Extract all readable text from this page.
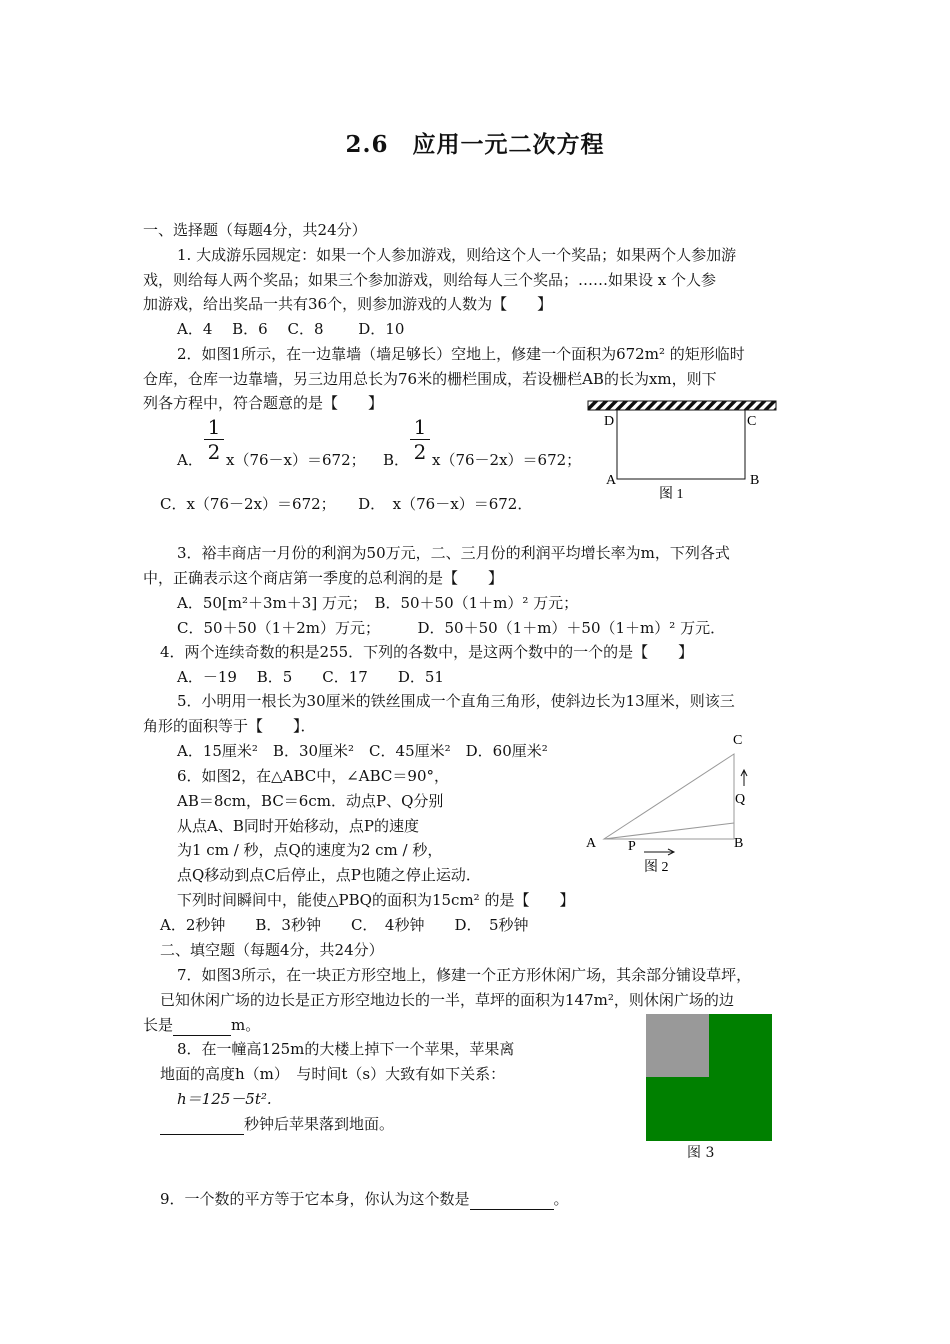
2.6　应用一元二次方程
一、选择题（每题4分，共24分）
1. 大成游乐园规定：如果一个人参加游戏，则给这个人一个奖品；如果两个人参加游
戏，则给每人两个奖品；如果三个参加游戏，则给每人三个奖品；……如果设 x 个人参
加游戏，给出奖品一共有36个，则参加游戏的人数为【　　】
A．4　 B．6　 C．8　　 D．10
2．如图1所示，在一边靠墙（墙足够长）空地上，修建一个面积为672m² 的矩形临时
仓库，仓库一边靠墙，另三边用总长为76米的栅栏围成，若设栅栏AB的长为xm，则下
列各方程中，符合题意的是【　　】
A．
1
2 x（76－x）＝672； B．
1
2 x（76－2x）＝672；
C．x（76－2x）＝672；　　D．　x（76－x）＝672．
D	C
A	B
图 1
3．裕丰商店一月份的利润为50万元，二、三月份的利润平均增长率为m，下列各式
中，正确表示这个商店第一季度的总利润的是【　　】
A．50[m²＋3m＋3] 万元；　B．50＋50（1＋m）² 万元；
C．50＋50（1＋2m）万元；　　　D．50＋50（1＋m）＋50（1＋m）² 万元．
4．两个连续奇数的积是255．下列的各数中，是这两个数中的一个的是【　　】
A．－19　 B．5　　C．17　　D．51
5．小明用一根长为30厘米的铁丝围成一个直角三角形，使斜边长为13厘米，则该三
角形的面积等于【　　】．
A．15厘米²　B．30厘米²　C．45厘米²　D．60厘米²
6．如图2，在△ABC中，∠ABC＝90°，
AB＝8cm，BC＝6cm．动点P、Q分别
从点A、B同时开始移动，点P的速度
为1 cm / 秒，点Q的速度为2 cm / 秒，
点Q移动到点C后停止，点P也随之停止运动．
下列时间瞬间中，能使△PBQ的面积为15cm² 的是【　　】
A．2秒钟　　B．3秒钟　　C．　4秒钟　　D．　5秒钟
C
Q
A P	B
图 2
二、填空题（每题4分，共24分）
7．如图3所示，在一块正方形空地上，修建一个正方形休闲广场，其余部分铺设草坪，
已知休闲广场的边长是正方形空地边长的一半，草坪的面积为147m²，则休闲广场的边
长是	m。
图 3
8．在一幢高125m的大楼上掉下一个苹果，苹果离
地面的高度h（m）　与时间t（s）大致有如下关系：
h＝125－5t².
秒钟后苹果落到地面。
9．一个数的平方等于它本身，你认为这个数是	。
